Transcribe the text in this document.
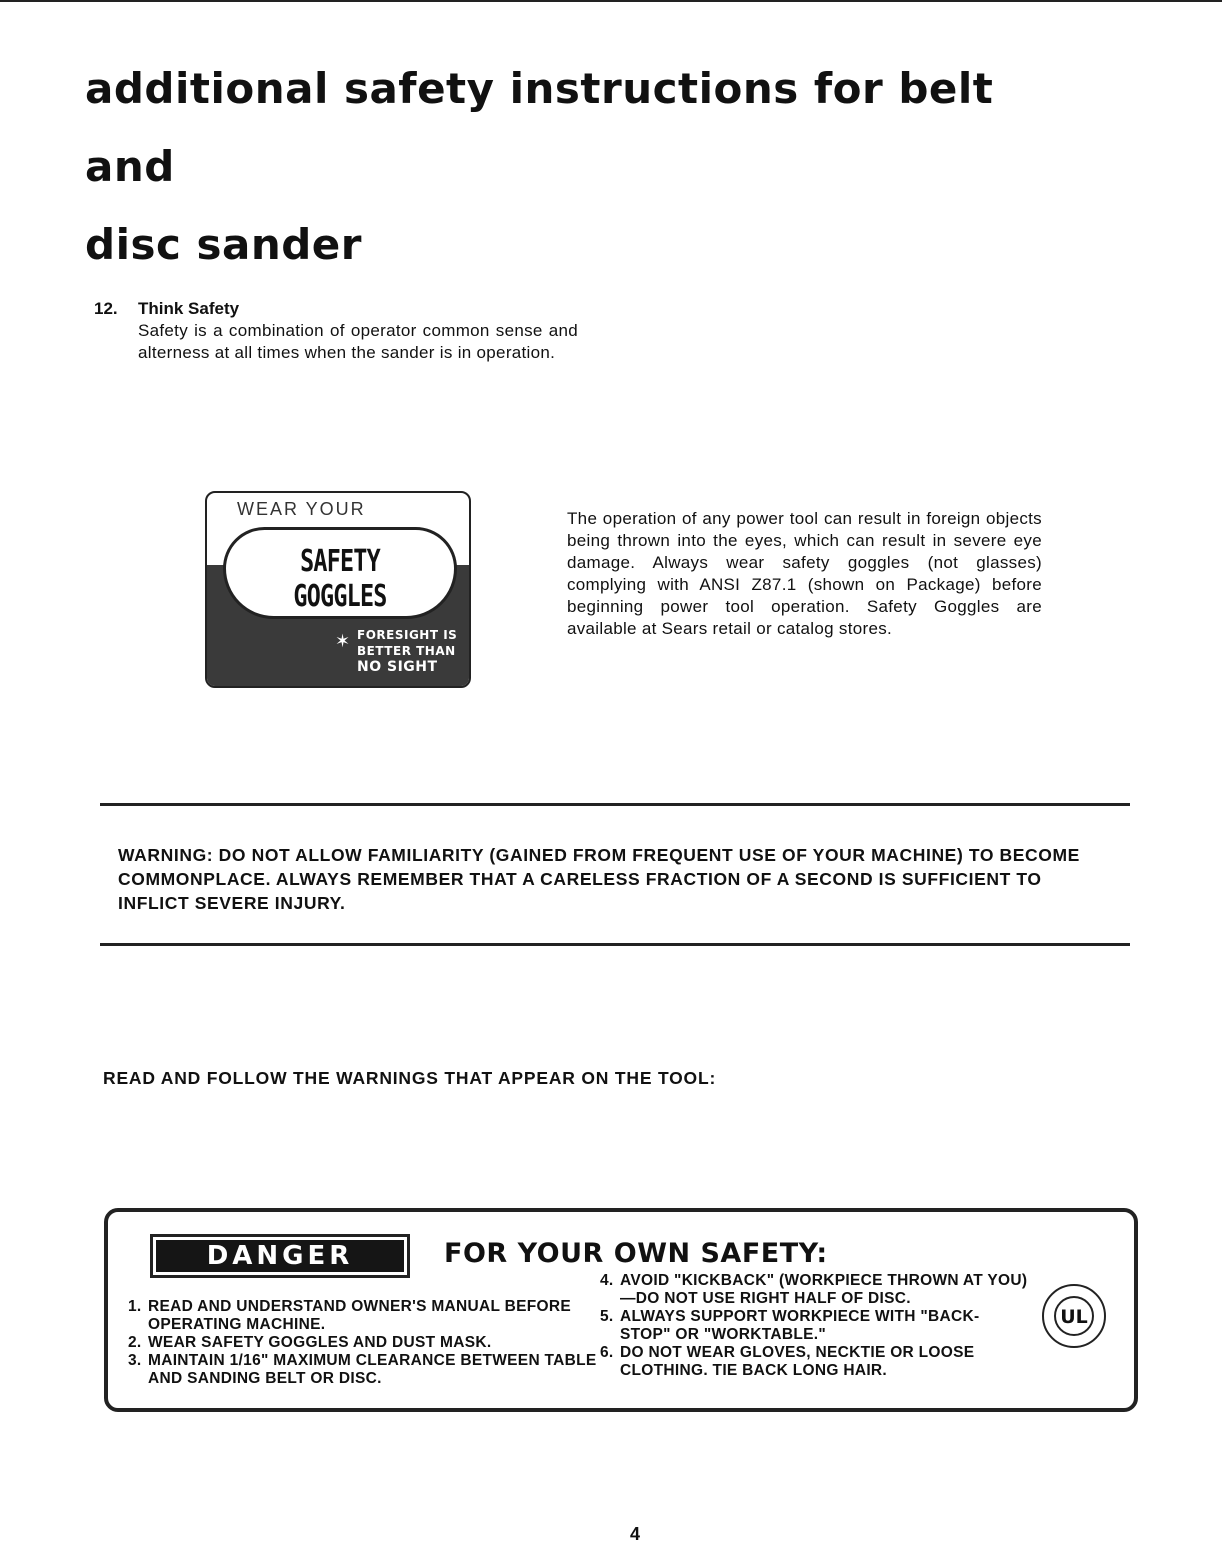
additional safety instructions for belt and
disc sander
12. Think Safety
Safety is a combination of operator common sense and alterness at all times when the sander is in operation.
WEAR YOUR
SAFETY GOGGLES
✶ FORESIGHT IS
BETTER THAN
NO SIGHT
The operation of any power tool can result in foreign objects being thrown into the eyes, which can result in severe eye damage. Always wear safety goggles (not glasses) complying with ANSI Z87.1 (shown on Package) before beginning power tool operation. Safety Goggles are available at Sears retail or catalog stores.
WARNING: DO NOT ALLOW FAMILIARITY (GAINED FROM FREQUENT USE OF YOUR MACHINE) TO BECOME COMMONPLACE. ALWAYS REMEMBER THAT A CARELESS FRACTION OF A SECOND IS SUFFICIENT TO INFLICT SEVERE INJURY.
READ AND FOLLOW THE WARNINGS THAT APPEAR ON THE TOOL:
DANGER	FOR YOUR OWN SAFETY:
1. READ AND UNDERSTAND OWNER'S MANUAL BEFORE OPERATING MACHINE.
2. WEAR SAFETY GOGGLES AND DUST MASK.
3. MAINTAIN 1/16" MAXIMUM CLEARANCE BETWEEN TABLE AND SANDING BELT OR DISC.
4. AVOID "KICKBACK" (WORKPIECE THROWN AT YOU)—DO NOT USE RIGHT HALF OF DISC.
5. ALWAYS SUPPORT WORKPIECE WITH "BACK-STOP" OR "WORKTABLE."
6. DO NOT WEAR GLOVES, NECKTIE OR LOOSE CLOTHING. TIE BACK LONG HAIR.
UL
4
